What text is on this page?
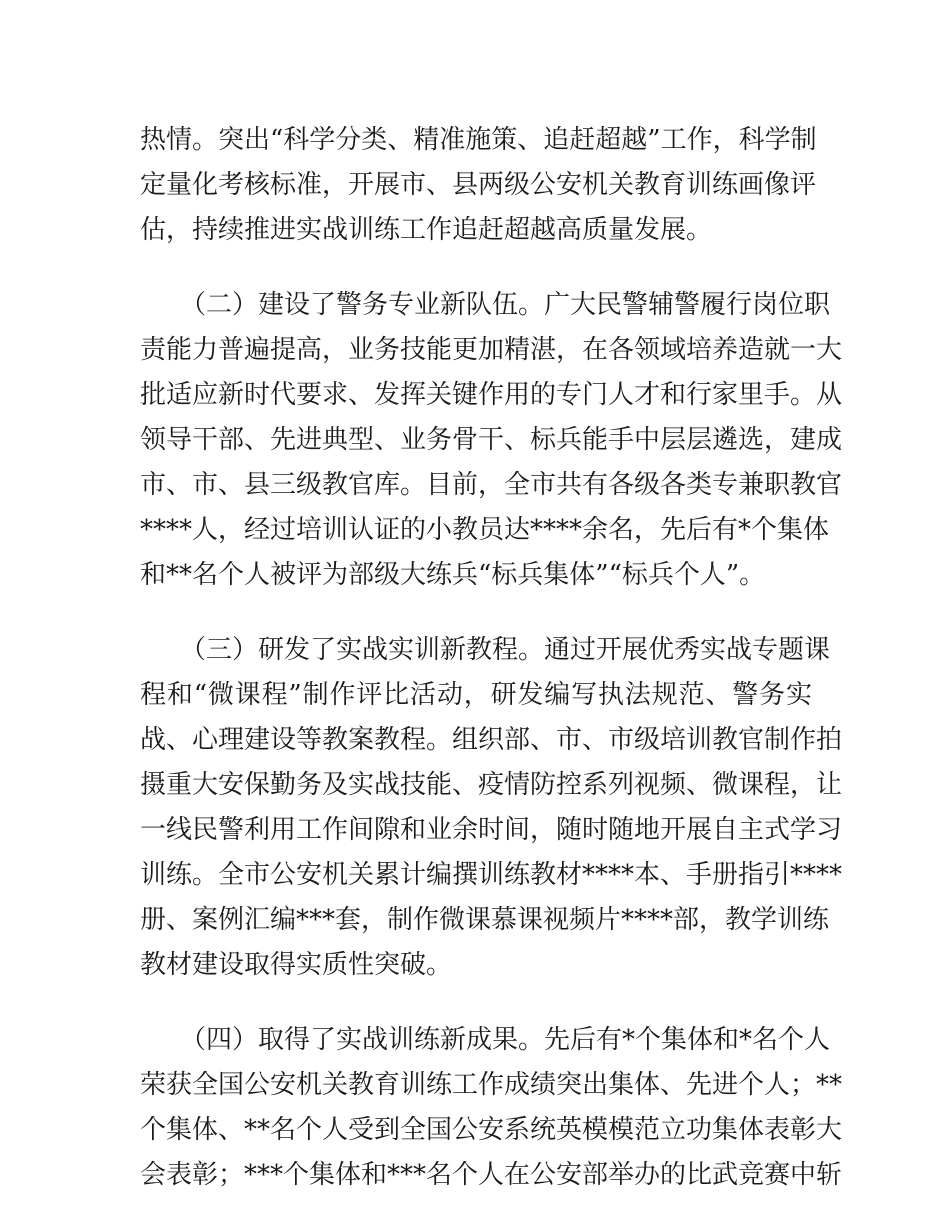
热情。突出“科学分类、精准施策、追赶超越”工作，科学制
定量化考核标准，开展市、县两级公安机关教育训练画像评
估，持续推进实战训练工作追赶超越高质量发展。
（二）建设了警务专业新队伍。广大民警辅警履行岗位职
责能力普遍提高，业务技能更加精湛，在各领域培养造就一大
批适应新时代要求、发挥关键作用的专门人才和行家里手。从
领导干部、先进典型、业务骨干、标兵能手中层层遴选，建成
市、市、县三级教官库。目前，全市共有各级各类专兼职教官
****人，经过培训认证的小教员达****余名，先后有*个集体
和**名个人被评为部级大练兵“标兵集体”“标兵个人”。
（三）研发了实战实训新教程。通过开展优秀实战专题课
程和“微课程”制作评比活动，研发编写执法规范、警务实
战、心理建设等教案教程。组织部、市、市级培训教官制作拍
摄重大安保勤务及实战技能、疫情防控系列视频、微课程，让
一线民警利用工作间隙和业余时间，随时随地开展自主式学习
训练。全市公安机关累计编撰训练教材****本、手册指引****
册、案例汇编***套，制作微课慕课视频片****部，教学训练
教材建设取得实质性突破。
（四）取得了实战训练新成果。先后有*个集体和*名个人
荣获全国公安机关教育训练工作成绩突出集体、先进个人；**
个集体、**名个人受到全国公安系统英模模范立功集体表彰大
会表彰；***个集体和***名个人在公安部举办的比武竞赛中斩
